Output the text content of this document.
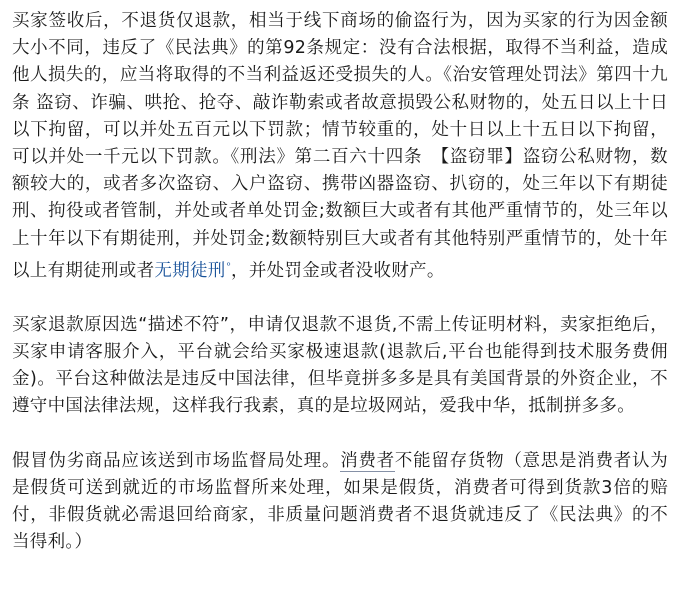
买家签收后，不退货仅退款，相当于线下商场的偷盗行为，因为买家的行为因金额大小不同，违反了《民法典》的第92条规定：没有合法根据，取得不当利益，造成他人损失的，应当将取得的不当利益返还受损失的人。《治安管理处罚法》第四十九条 盗窃、诈骗、哄抢、抢夺、敲诈勒索或者故意损毁公私财物的，处五日以上十日以下拘留，可以并处五百元以下罚款；情节较重的，处十日以上十五日以下拘留，可以并处一千元以下罚款。《刑法》第二百六十四条　【盗窃罪】盗窃公私财物，数额较大的，或者多次盗窃、入户盗窃、携带凶器盗窃、扒窃的，处三年以下有期徒刑、拘役或者管制，并处或者单处罚金;数额巨大或者有其他严重情节的，处三年以上十年以下有期徒刑，并处罚金;数额特别巨大或者有其他特别严重情节的，处十年以上有期徒刑或者无期徒刑$^ᵒ$，并处罚金或者没收财产。

买家退款原因选“描述不符”，申请仅退款不退货,不需上传证明材料，卖家拒绝后，买家申请客服介入，平台就会给买家极速退款(退款后,平台也能得到技术服务费佣金)。平台这种做法是违反中国法律，但毕竟拼多多是具有美国背景的外资企业，不遵守中国法律法规，这样我行我素，真的是垃圾网站，爱我中华，抵制拼多多。

假冒伪劣商品应该送到市场监督局处理。消费者不能留存货物（意思是消费者认为是假货可送到就近的市场监督所来处理，如果是假货，消费者可得到货款3倍的赔付，非假货就必需退回给商家，非质量问题消费者不退货就违反了《民法典》的不当得利。）
